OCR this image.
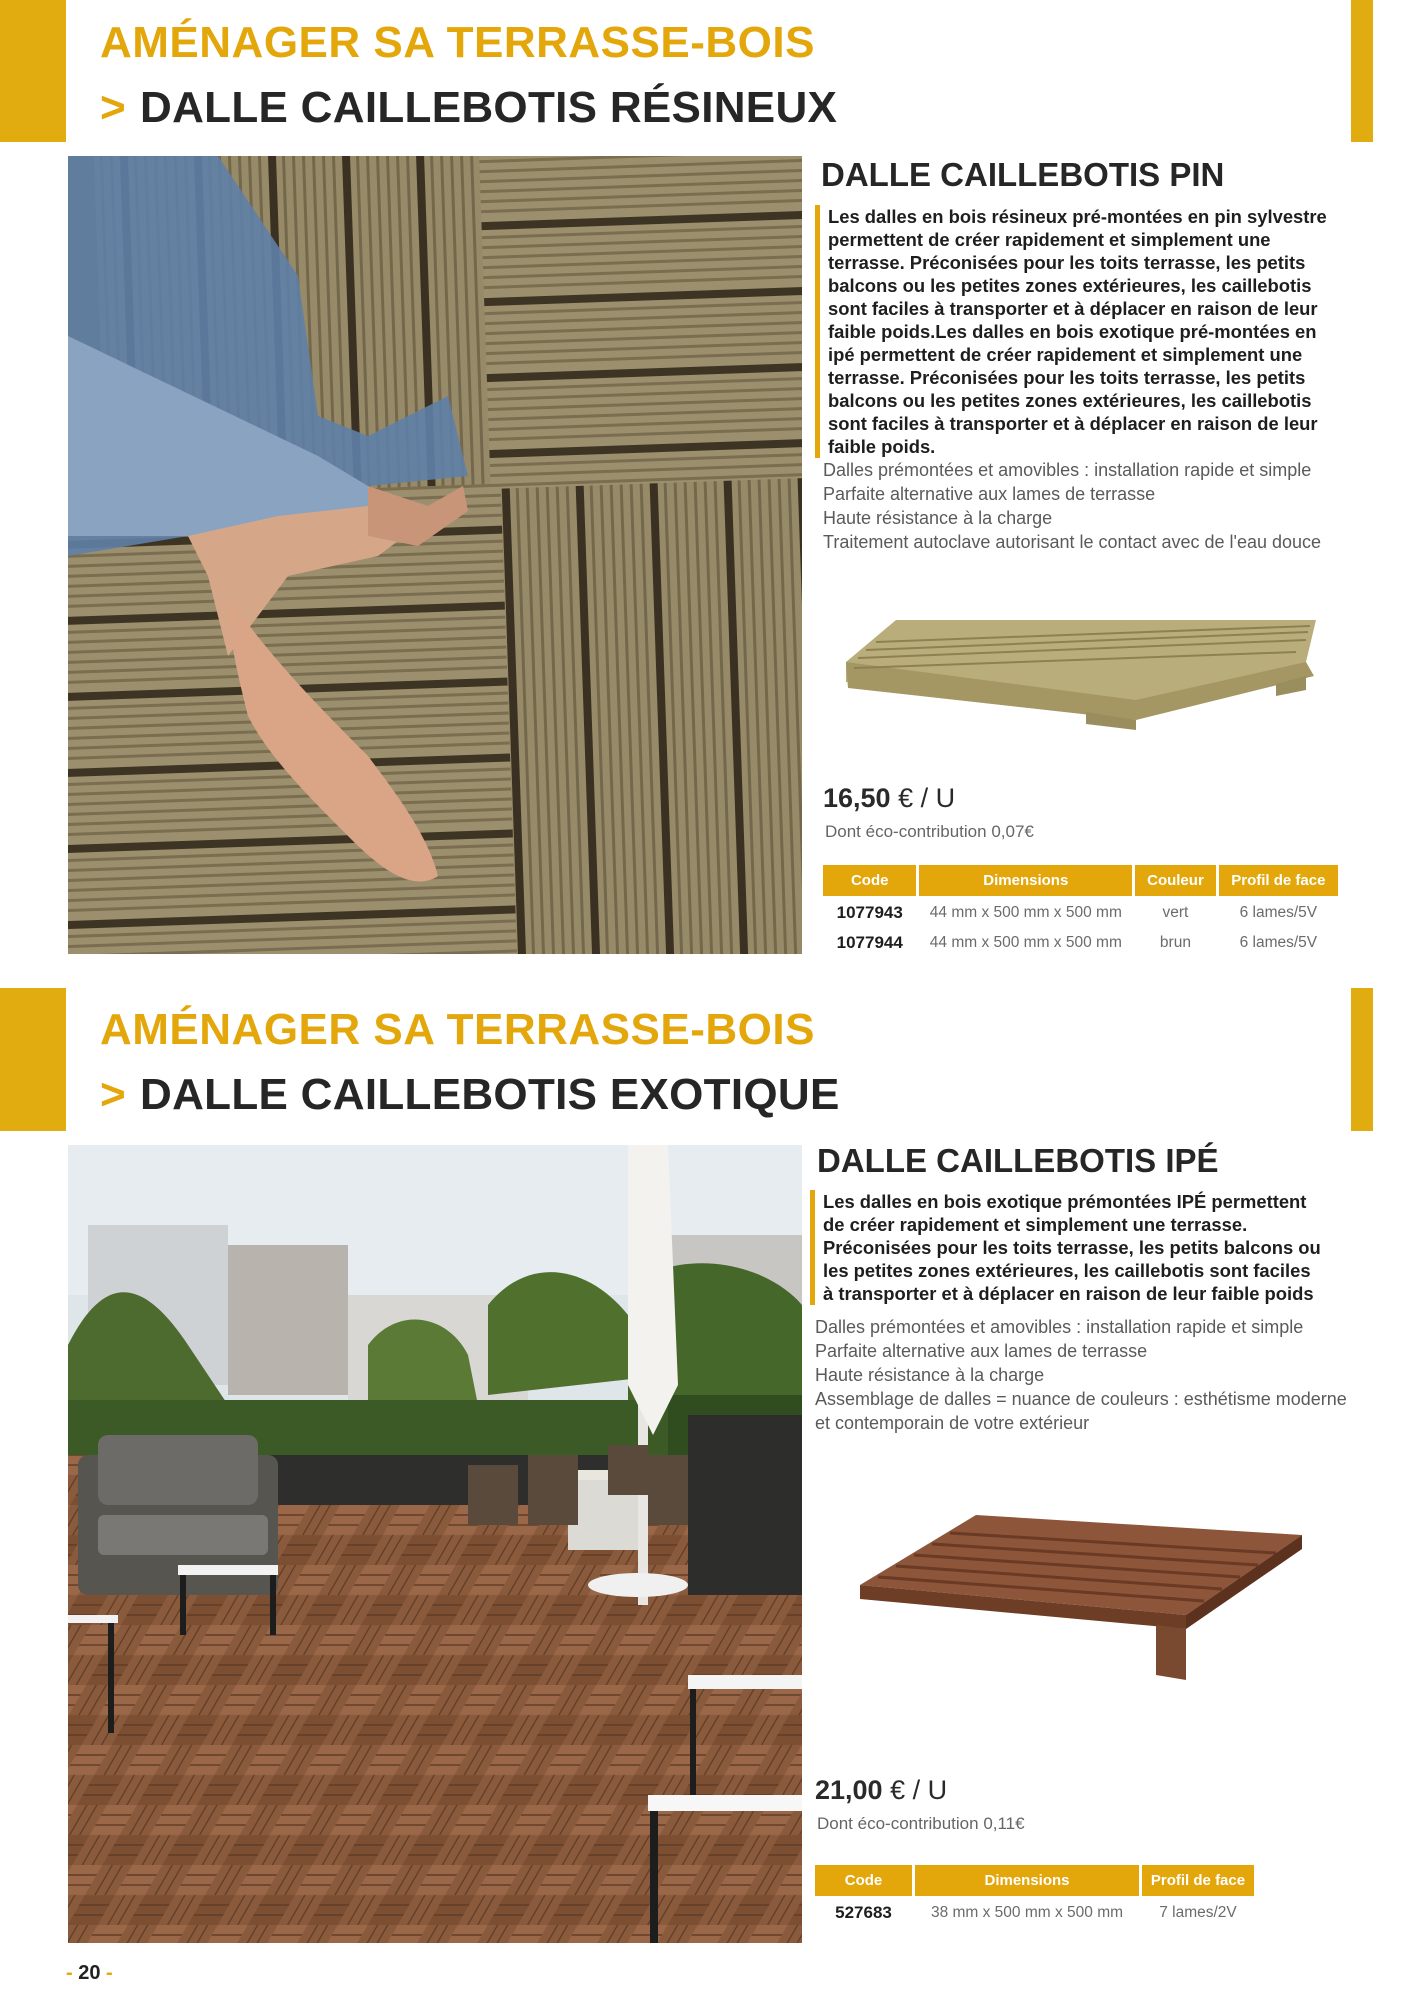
AMÉNAGER SA TERRASSE-BOIS
> DALLE CAILLEBOTIS RÉSINEUX
DALLE CAILLEBOTIS PIN
Les dalles en bois résineux pré-montées en pin sylvestre permettent de créer rapidement et simplement une terrasse. Préconisées pour les toits terrasse, les petits balcons ou les petites zones extérieures, les caillebotis sont faciles à transporter et à déplacer en raison de leur faible poids.Les dalles en bois exotique pré-montées en ipé permettent de créer rapidement et simplement une terrasse. Préconisées pour les toits terrasse, les petits balcons ou les petites zones extérieures, les caillebotis sont faciles à transporter et à déplacer en raison de leur faible poids.
Dalles prémontées et amovibles : installation rapide et simple
Parfaite alternative aux lames de terrasse
Haute résistance à la charge
Traitement autoclave autorisant le contact avec de l'eau douce
16,50 € / U
Dont éco-contribution 0,07€
Code	Dimensions	Couleur	Profil de face
1077943	44 mm x 500 mm x 500 mm	vert	6 lames/5V
1077944	44 mm x 500 mm x 500 mm	brun	6 lames/5V
AMÉNAGER SA TERRASSE-BOIS
> DALLE CAILLEBOTIS EXOTIQUE
DALLE CAILLEBOTIS IPÉ
Les dalles en bois exotique prémontées IPÉ permettent de créer rapidement et simplement une terrasse. Préconisées pour les toits terrasse, les petits balcons ou les petites zones extérieures, les caillebotis sont faciles à transporter et à déplacer en raison de leur faible poids
Dalles prémontées et amovibles : installation rapide et simple
Parfaite alternative aux lames de terrasse
Haute résistance à la charge
Assemblage de dalles = nuance de couleurs : esthétisme moderne et contemporain de votre extérieur
21,00 € / U
Dont éco-contribution 0,11€
Code	Dimensions	Profil de face
527683	38 mm x 500 mm x 500 mm	7 lames/2V
- 20 -
